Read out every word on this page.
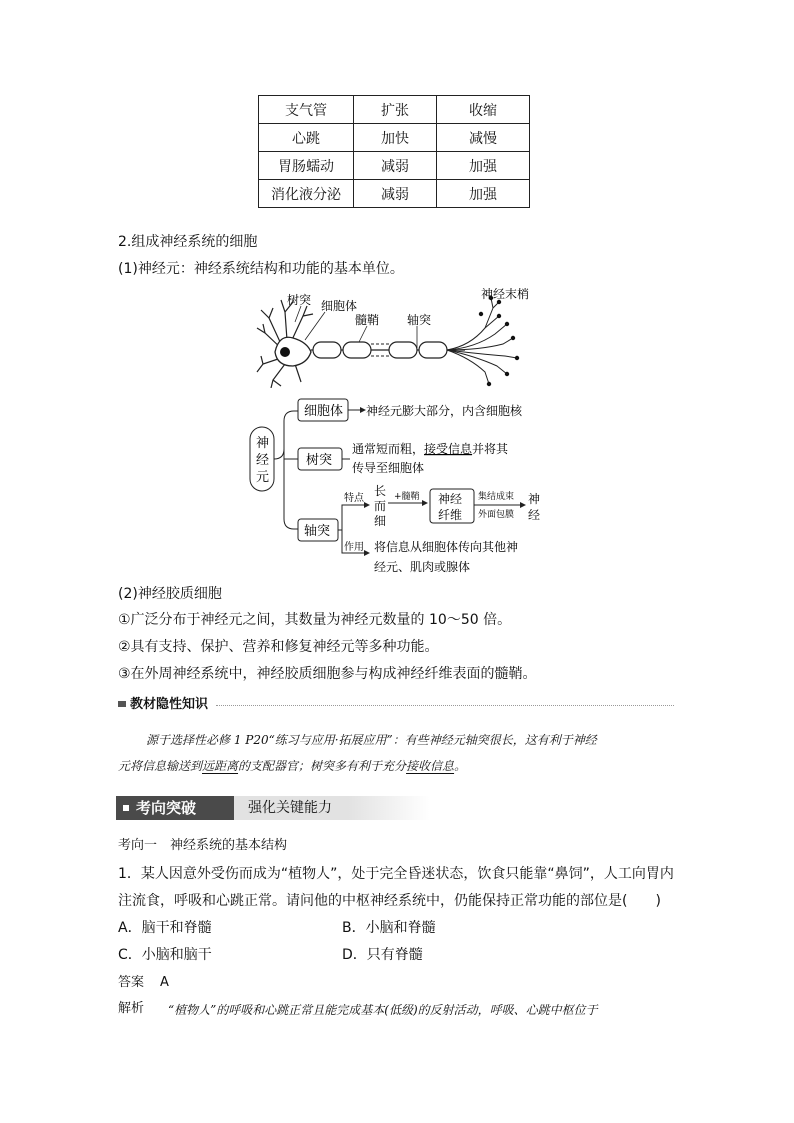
支气管	扩张	收缩
心跳	加快	减慢
胃肠蠕动	减弱	加强
消化液分泌	减弱	加强
2.组成神经系统的细胞
(1)神经元：神经系统结构和功能的基本单位。
树突 细胞体
髓鞘 轴突
神经末梢
神
经
元
细胞体 神经元膨大部分，内含细胞核
树突
通常短而粗，接受信息并将其
传导至细胞体
轴突
特点
长
而
细
+髓鞘 神经
纤维
集结成束
外面包膜
神
经
作用 将信息从细胞体传向其他神
经元、肌肉或腺体
(2)神经胶质细胞
①广泛分布于神经元之间，其数量为神经元数量的 10～50 倍。
②具有支持、保护、营养和修复神经元等多种功能。
③在外周神经系统中，神经胶质细胞参与构成神经纤维表面的髓鞘。
教材隐性知识
源于选择性必修 1 P20“练习与应用·拓展应用”：有些神经元轴突很长，这有利于神经
元将信息输送到远距离的支配器官；树突多有利于充分接收信息。
考向突破	强化关键能力
考向一　神经系统的基本结构
1．某人因意外受伤而成为“植物人”，处于完全昏迷状态，饮食只能靠“鼻饲”，人工向胃内
注流食，呼吸和心跳正常。请问他的中枢神经系统中，仍能保持正常功能的部位是(　　)
A．脑干和脊髓	B．小脑和脊髓
C．小脑和脑干	D．只有脊髓
答案 A
解析 “植物人”的呼吸和心跳正常且能完成基本(低级)的反射活动，呼吸、心跳中枢位于
